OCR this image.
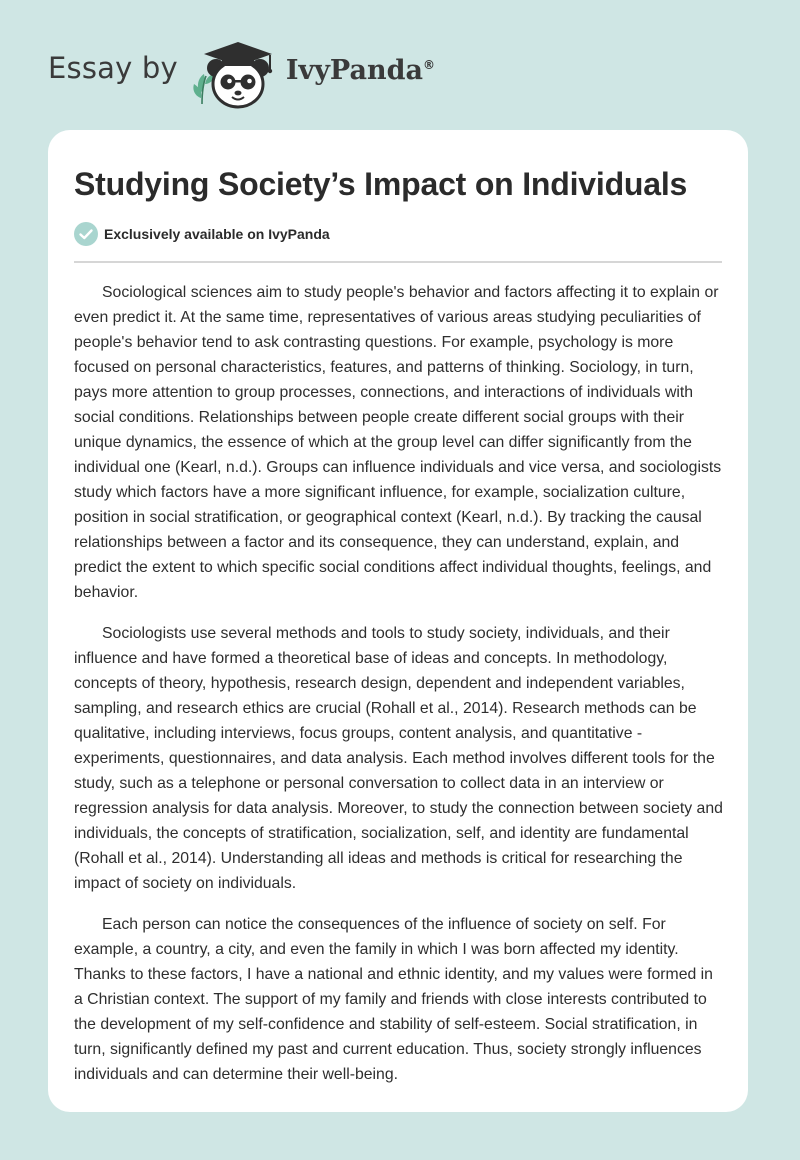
Essay by	IvyPanda®
Studying Society’s Impact on Individuals
Exclusively available on IvyPanda

Sociological sciences aim to study people's behavior and factors affecting it to explain or even predict it. At the same time, representatives of various areas studying peculiarities of people's behavior tend to ask contrasting questions. For example, psychology is more focused on personal characteristics, features, and patterns of thinking. Sociology, in turn, pays more attention to group processes, connections, and interactions of individuals with social conditions. Relationships between people create different social groups with their unique dynamics, the essence of which at the group level can differ significantly from the individual one (Kearl, n.d.). Groups can influence individuals and vice versa, and sociologists study which factors have a more significant influence, for example, socialization culture, position in social stratification, or geographical context (Kearl, n.d.). By tracking the causal relationships between a factor and its consequence, they can understand, explain, and predict the extent to which specific social conditions affect individual thoughts, feelings, and behavior.

Sociologists use several methods and tools to study society, individuals, and their influence and have formed a theoretical base of ideas and concepts. In methodology, concepts of theory, hypothesis, research design, dependent and independent variables, sampling, and research ethics are crucial (Rohall et al., 2014). Research methods can be qualitative, including interviews, focus groups, content analysis, and quantitative - experiments, questionnaires, and data analysis. Each method involves different tools for the study, such as a telephone or personal conversation to collect data in an interview or regression analysis for data analysis. Moreover, to study the connection between society and individuals, the concepts of stratification, socialization, self, and identity are fundamental (Rohall et al., 2014). Understanding all ideas and methods is critical for researching the impact of society on individuals.

Each person can notice the consequences of the influence of society on self. For example, a country, a city, and even the family in which I was born affected my identity. Thanks to these factors, I have a national and ethnic identity, and my values were formed in a Christian context. The support of my family and friends with close interests contributed to the development of my self-confidence and stability of self-esteem. Social stratification, in turn, significantly defined my past and current education. Thus, society strongly influences individuals and can determine their well-being.
